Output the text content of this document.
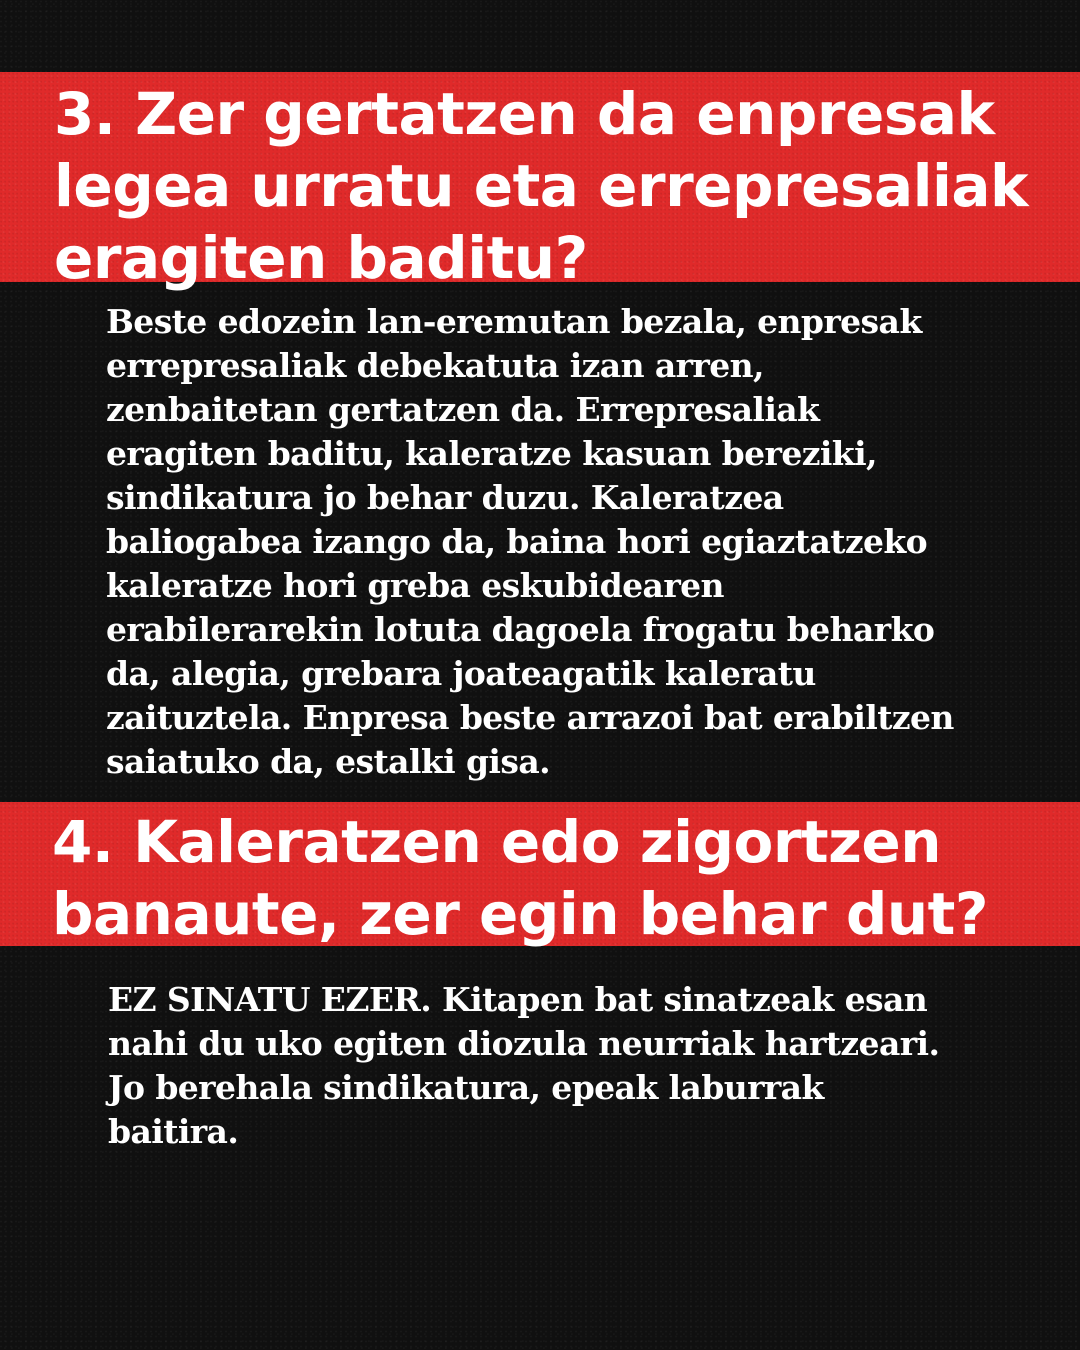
3. Zer gertatzen da enpresak
legea urratu eta errepresaliak
eragiten baditu?

Beste edozein lan-eremutan bezala, enpresak
errepresaliak debekatuta izan arren,
zenbaitetan gertatzen da. Errepresaliak
eragiten baditu, kaleratze kasuan bereziki,
sindikatura jo behar duzu. Kaleratzea
baliogabea izango da, baina hori egiaztatzeko
kaleratze hori greba eskubidearen
erabilerarekin lotuta dagoela frogatu beharko
da, alegia, grebara joateagatik kaleratu
zaituztela. Enpresa beste arrazoi bat erabiltzen
saiatuko da, estalki gisa.

4. Kaleratzen edo zigortzen
banaute, zer egin behar dut?

EZ SINATU EZER. Kitapen bat sinatzeak esan
nahi du uko egiten diozula neurriak hartzeari.
Jo berehala sindikatura, epeak laburrak
baitira.
